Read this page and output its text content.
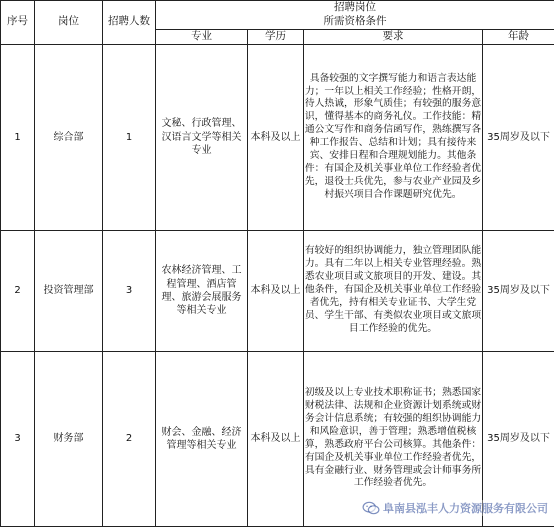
序号	岗位	招聘人数	招聘岗位
所需资格条件			

			专业	学历	要求	年龄
1	综合部	1	文秘、行政管理、汉语言文学等相关专业	本科及以上	具备较强的文字撰写能力和语言表达能力；一年以上相关工作经验；性格开朗，待人热诚，形象气质佳；有较强的服务意识，懂得基本的商务礼仪。工作技能：精通公文写作和商务信函写作，熟练撰写各种工作报告、总结和计划；具有接待来宾、安排日程和合理规划能力。其他条件：有国企及机关事业单位工作经验者优先，退役士兵优先，参与农业产业园及乡村振兴项目合作课题研究优先。	35周岁及以下
2	投资管理部	3	农林经济管理、工程管理、酒店管理、旅游会展服务等相关专业	本科及以上	有较好的组织协调能力，独立管理团队能力。具有二年以上相关专业管理经验。熟悉农业项目或文旅项目的开发、建设。其他条件，有国企及机关事业单位工作经验者优先，持有相关专业证书、大学生党员、学生干部、有类似农业项目或文旅项目工作经验的优先。	35周岁及以下
3	财务部	2	财会、金融、经济管理等相关专业	本科及以上	初级及以上专业技术职称证书；熟悉国家财税法律、法规和企业资源计划系统或财务会计信息系统；有较强的组织协调能力和风险意识，善于管理；熟悉增值税核算，熟悉政府平台公司核算。其他条件：有国企及机关事业单位工作经验者优先，具有金融行业、财务管理或会计师事务所工作经验者优先。	35周岁及以下
阜南县泓丰人力资源服务有限公司
